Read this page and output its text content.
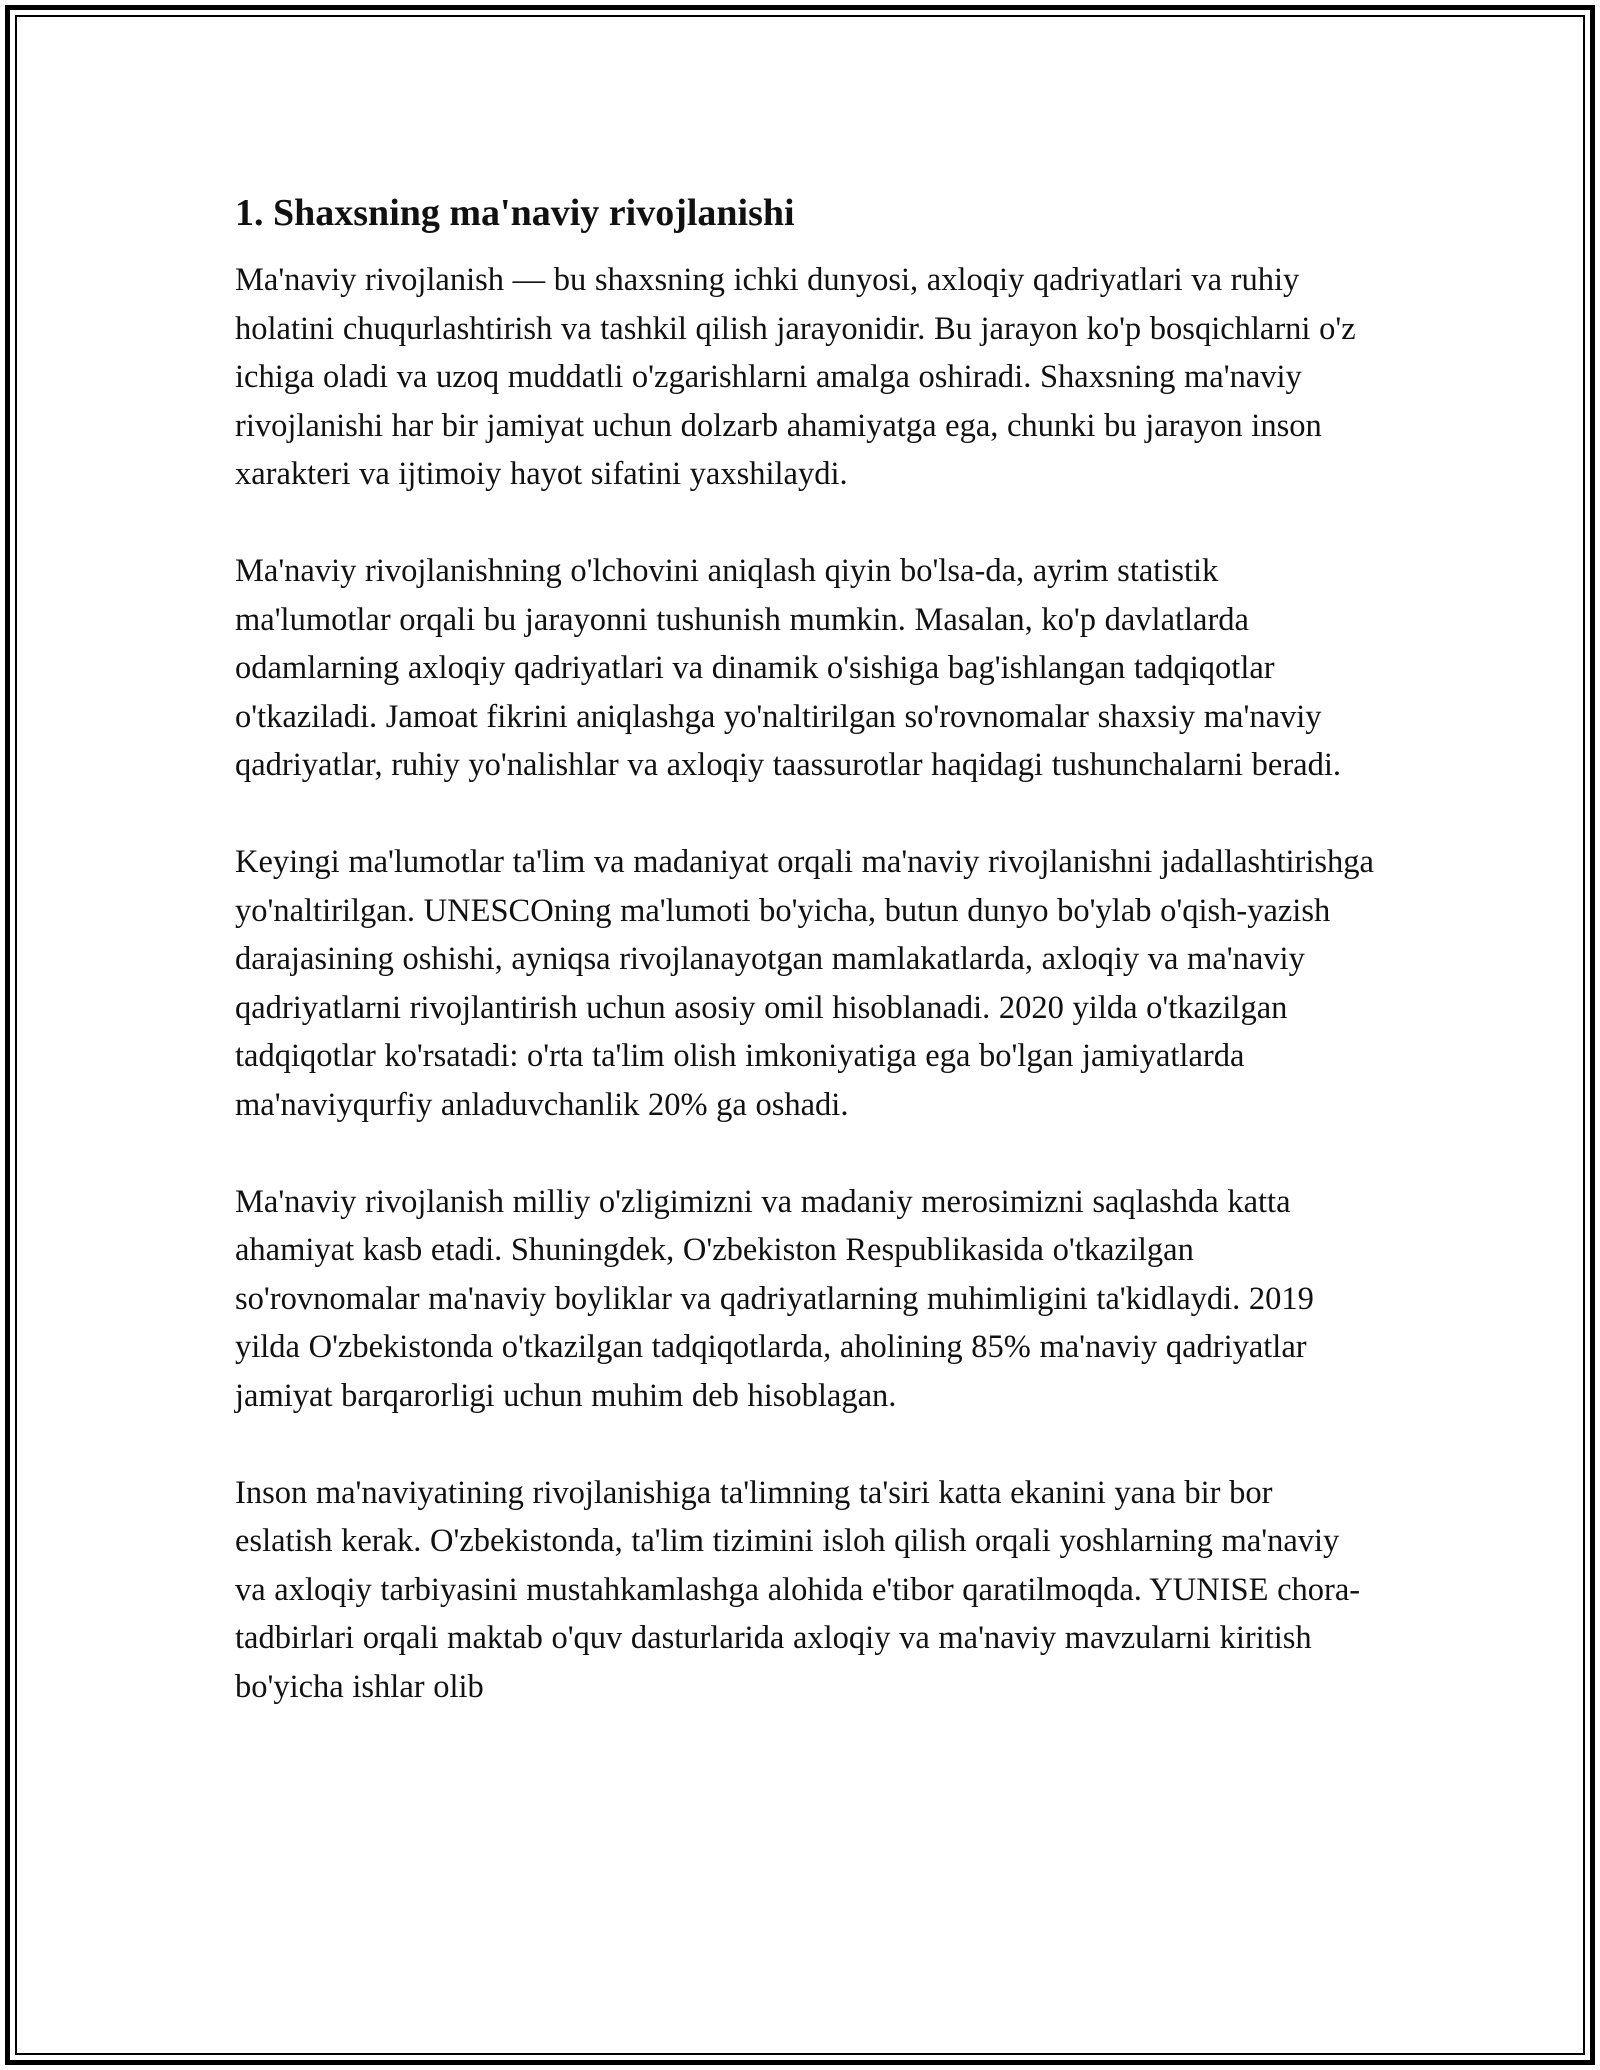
1. Shaxsning ma'naviy rivojlanishi

Ma'naviy rivojlanish — bu shaxsning ichki dunyosi, axloqiy qadriyatlari va ruhiy holatini chuqurlashtirish va tashkil qilish jarayonidir. Bu jarayon ko'p bosqichlarni o'z ichiga oladi va uzoq muddatli o'zgarishlarni amalga oshiradi. Shaxsning ma'naviy rivojlanishi har bir jamiyat uchun dolzarb ahamiyatga ega, chunki bu jarayon inson xarakteri va ijtimoiy hayot sifatini yaxshilaydi.

Ma'naviy rivojlanishning o'lchovini aniqlash qiyin bo'lsa-da, ayrim statistik ma'lumotlar orqali bu jarayonni tushunish mumkin. Masalan, ko'p davlatlarda odamlarning axloqiy qadriyatlari va dinamik o'sishiga bag'ishlangan tadqiqotlar o'tkaziladi. Jamoat fikrini aniqlashga yo'naltirilgan so'rovnomalar shaxsiy ma'naviy qadriyatlar, ruhiy yo'nalishlar va axloqiy taassurotlar haqidagi tushunchalarni beradi.

Keyingi ma'lumotlar ta'lim va madaniyat orqali ma'naviy rivojlanishni jadallashtirishga yo'naltirilgan. UNESCOning ma'lumoti bo'yicha, butun dunyo bo'ylab o'qish-yazish darajasining oshishi, ayniqsa rivojlanayotgan mamlakatlarda, axloqiy va ma'naviy qadriyatlarni rivojlantirish uchun asosiy omil hisoblanadi. 2020 yilda o'tkazilgan tadqiqotlar ko'rsatadi: o'rta ta'lim olish imkoniyatiga ega bo'lgan jamiyatlarda ma'naviyqurfiy anladuvchanlik 20% ga oshadi.

Ma'naviy rivojlanish milliy o'zligimizni va madaniy merosimizni saqlashda katta ahamiyat kasb etadi. Shuningdek, O'zbekiston Respublikasida o'tkazilgan so'rovnomalar ma'naviy boyliklar va qadriyatlarning muhimligini ta'kidlaydi. 2019 yilda O'zbekistonda o'tkazilgan tadqiqotlarda, aholining 85% ma'naviy qadriyatlar jamiyat barqarorligi uchun muhim deb hisoblagan.

Inson ma'naviyatining rivojlanishiga ta'limning ta'siri katta ekanini yana bir bor eslatish kerak. O'zbekistonda, ta'lim tizimini isloh qilish orqali yoshlarning ma'naviy va axloqiy tarbiyasini mustahkamlashga alohida e'tibor qaratilmoqda. YUNISE chora-tadbirlari orqali maktab o'quv dasturlarida axloqiy va ma'naviy mavzularni kiritish bo'yicha ishlar olib
